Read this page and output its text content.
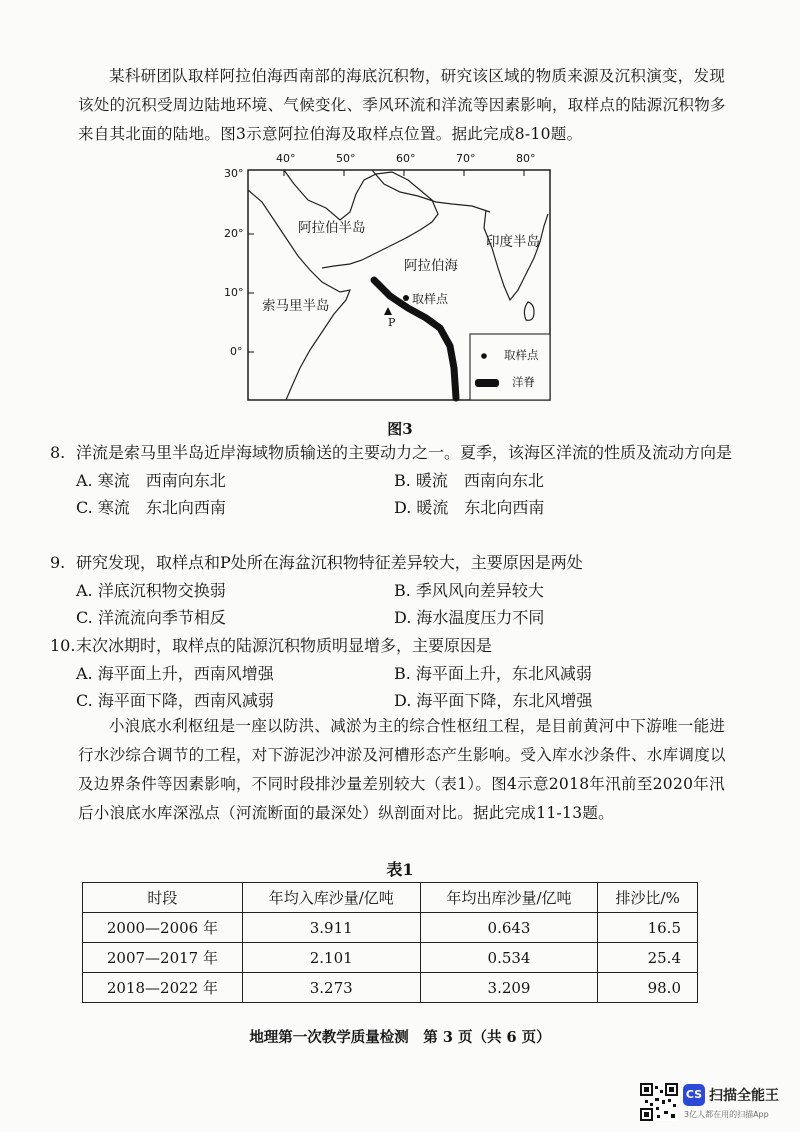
某科研团队取样阿拉伯海西南部的海底沉积物，研究该区域的物质来源及沉积演变，发现该处的沉积受周边陆地环境、气候变化、季风环流和洋流等因素影响，取样点的陆源沉积物多来自其北面的陆地。图3示意阿拉伯海及取样点位置。据此完成8-10题。
40°	50°	60°	70°	80°
30°
20°
10°
0°
阿拉伯半岛
阿拉伯海
印度半岛
索马里半岛	取样点
P
取样点
洋脊
图3
8. 洋流是索马里半岛近岸海域物质输送的主要动力之一。夏季，该海区洋流的性质及流动方向是
A. 寒流　西南向东北	B. 暖流　西南向东北
C. 寒流　东北向西南	D. 暖流　东北向西南
9. 研究发现，取样点和P处所在海盆沉积物特征差异较大，主要原因是两处
A. 洋底沉积物交换弱	B. 季风风向差异较大
C. 洋流流向季节相反	D. 海水温度压力不同
10.末次冰期时，取样点的陆源沉积物质明显增多，主要原因是
A. 海平面上升，西南风增强	B. 海平面上升，东北风减弱
C. 海平面下降，西南风减弱	D. 海平面下降，东北风增强
小浪底水利枢纽是一座以防洪、减淤为主的综合性枢纽工程，是目前黄河中下游唯一能进行水沙综合调节的工程，对下游泥沙冲淤及河槽形态产生影响。受入库水沙条件、水库调度以及边界条件等因素影响，不同时段排沙量差别较大（表1）。图4示意2018年汛前至2020年汛后小浪底水库深泓点（河流断面的最深处）纵剖面对比。据此完成11-13题。
表1
时段	年均入库沙量/亿吨	年均出库沙量/亿吨	排沙比/%
2000—2006 年	3.911	0.643	16.5
2007—2017 年	2.101	0.534	25.4
2018—2022 年	3.273	3.209	98.0
地理第一次教学质量检测　第 3 页（共 6 页）
CS 扫描全能王
3亿人都在用的扫描App
